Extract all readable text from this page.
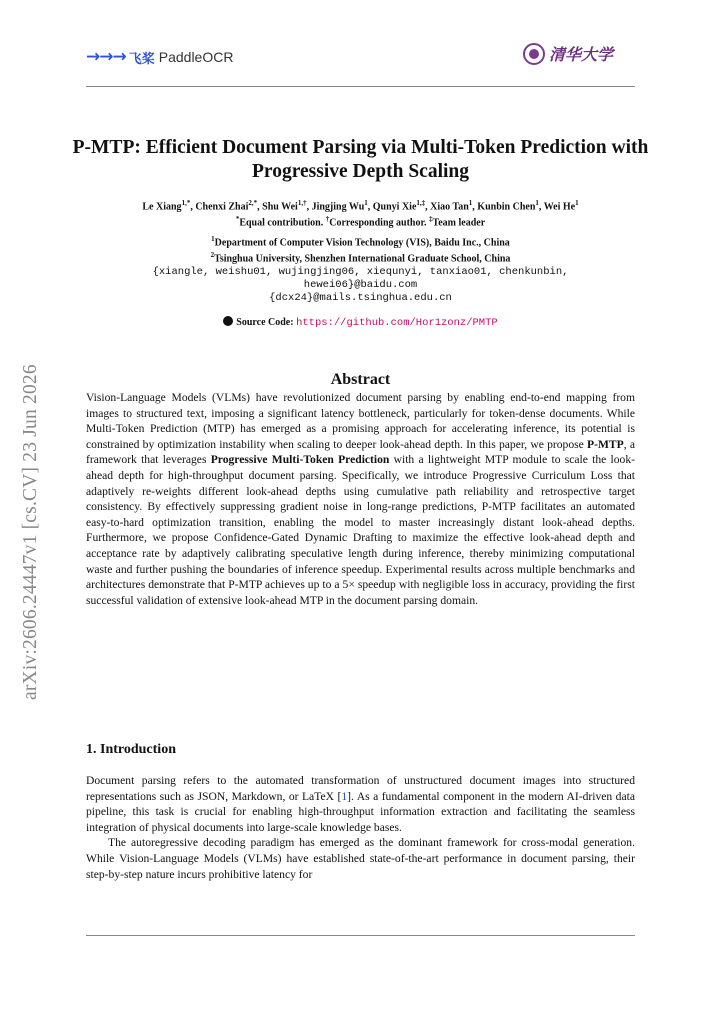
→→→ 飞桨 PaddleOCR	清华大学
arXiv:2606.24447v1 [cs.CV] 23 Jun 2026
P-MTP: Efficient Document Parsing via Multi-Token Prediction with Progressive Depth Scaling
Le Xiang$^{1,*}$, Chenxi Zhai$^{2,*}$, Shu Wei$^{1,\dagger}$, Jingjing Wu$^1$, Qunyi Xie$^{1,\ddagger}$, Xiao Tan$^1$, Kunbin Chen$^1$, Wei He$^1$
*Equal contribution. †Corresponding author. ‡Team leader
$^1$Department of Computer Vision Technology (VIS), Baidu Inc., China
$^2$Tsinghua University, Shenzhen International Graduate School, China
{xiangle, weishu01, wujingjing06, xiequnyi, tanxiao01, chenkunbin,
hewei06}@baidu.com
{dcx24}@mails.tsinghua.edu.cn
Source Code: https://github.com/Hor1zonz/PMTP
Abstract
Vision-Language Models (VLMs) have revolutionized document parsing by enabling end-to-end mapping from images to structured text, imposing a significant latency bottleneck, particularly for token-dense documents. While Multi-Token Prediction (MTP) has emerged as a promising approach for accelerating inference, its potential is constrained by optimization instability when scaling to deeper look-ahead depth. In this paper, we propose P-MTP, a framework that leverages Progressive Multi-Token Prediction with a lightweight MTP module to scale the look-ahead depth for high-throughput document parsing. Specifically, we introduce Progressive Curriculum Loss that adaptively re-weights different look-ahead depths using cumulative path reliability and retrospective target consistency. By effectively suppressing gradient noise in long-range predictions, P-MTP facilitates an automated easy-to-hard optimization transition, enabling the model to master increasingly distant look-ahead depths. Furthermore, we propose Confidence-Gated Dynamic Drafting to maximize the effective look-ahead depth and acceptance rate by adaptively calibrating speculative length during inference, thereby minimizing computational waste and further pushing the boundaries of inference speedup. Experimental results across multiple benchmarks and architectures demonstrate that P-MTP achieves up to a 5× speedup with negligible loss in accuracy, providing the first successful validation of extensive look-ahead MTP in the document parsing domain.
1. Introduction

Document parsing refers to the automated transformation of unstructured document images into structured representations such as JSON, Markdown, or LaTeX [1]. As a fundamental component in the modern AI-driven data pipeline, this task is crucial for enabling high-throughput information extraction and facilitating the seamless integration of physical documents into large-scale knowledge bases.

The autoregressive decoding paradigm has emerged as the dominant framework for cross-modal generation. While Vision-Language Models (VLMs) have established state-of-the-art performance in document parsing, their step-by-step nature incurs prohibitive latency for
